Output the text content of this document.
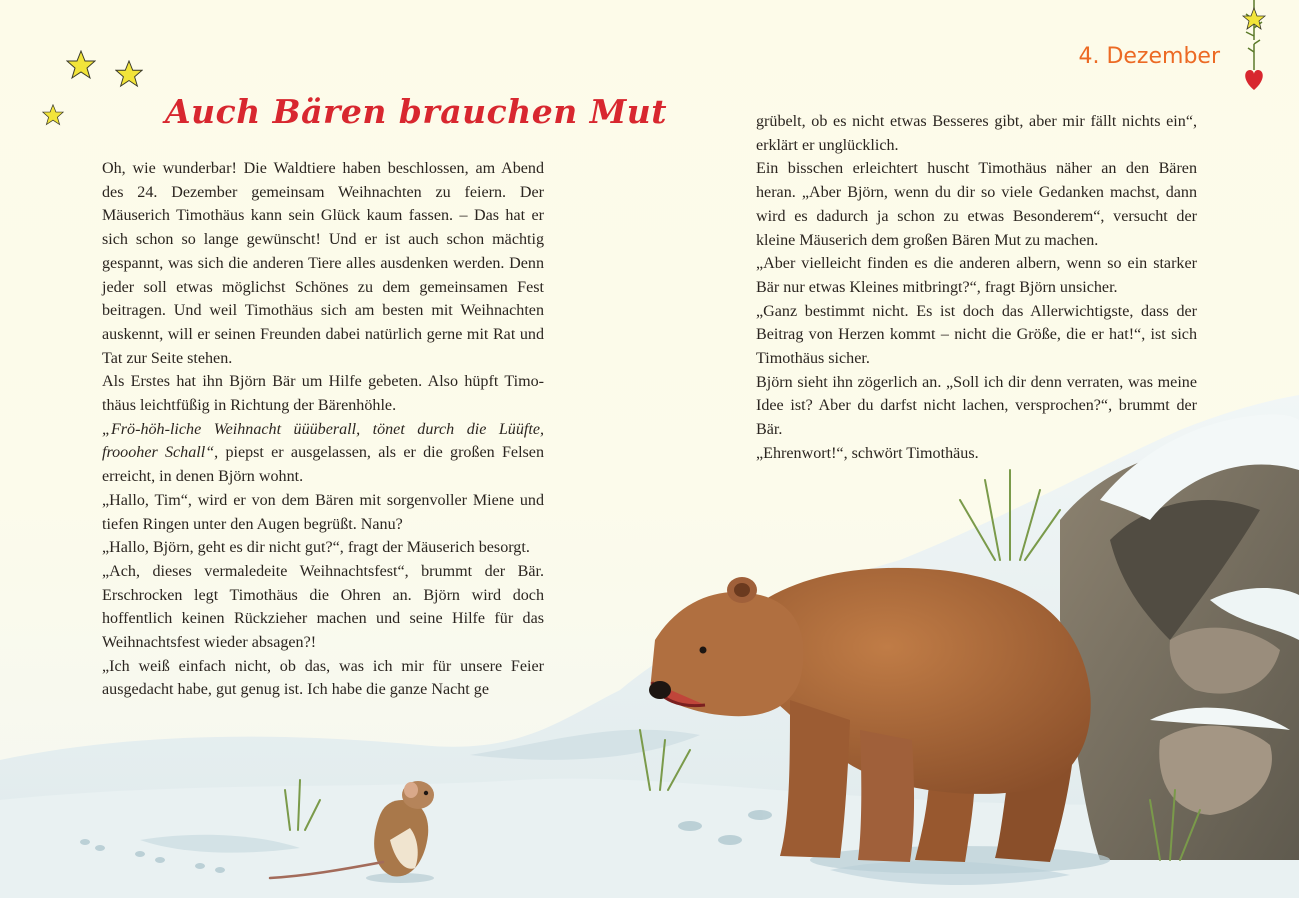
Auch Bären brauchen Mut
4. Dezember

Oh, wie wunderbar! Die Waldtiere haben beschlossen, am Abend des 24. Dezember gemeinsam Weihnachten zu feiern. Der Mäuserich Timothäus kann sein Glück kaum fassen. – Das hat er sich schon so lange gewünscht! Und er ist auch schon mächtig gespannt, was sich die anderen Tiere alles ausdenken werden. Denn jeder soll etwas möglichst Schönes zu dem gemeinsamen Fest beitragen. Und weil Timothäus sich am besten mit Weihnachten auskennt, will er seinen Freunden dabei natürlich gerne mit Rat und Tat zur Seite stehen.

Als Erstes hat ihn Björn Bär um Hilfe gebeten. Also hüpft Timothäus leichtfüßig in Richtung der Bärenhöhle.

„Frö-höh-liche Weihnacht üüüberall, tönet durch die Lüüfte, froooher Schall“, piepst er ausgelassen, als er die großen Felsen erreicht, in denen Björn wohnt.

„Hallo, Tim“, wird er von dem Bären mit sorgenvoller Miene und tiefen Ringen unter den Augen begrüßt. Nanu?

„Hallo, Björn, geht es dir nicht gut?“, fragt der Mäuserich besorgt.

„Ach, dieses vermaledeite Weihnachtsfest“, brummt der Bär. Erschrocken legt Timothäus die Ohren an. Björn wird doch hoffentlich keinen Rückzieher machen und seine Hilfe für das Weihnachtsfest wieder absagen?!

„Ich weiß einfach nicht, ob das, was ich mir für unsere Feier ausgedacht habe, gut genug ist. Ich habe die ganze Nacht ge

grübelt, ob es nicht etwas Besseres gibt, aber mir fällt nichts ein“, erklärt er unglücklich.

Ein bisschen erleichtert huscht Timothäus näher an den Bären heran. „Aber Björn, wenn du dir so viele Gedanken machst, dann wird es dadurch ja schon zu etwas Besonderem“, versucht der kleine Mäuserich dem großen Bären Mut zu machen.

„Aber vielleicht finden es die anderen albern, wenn so ein starker Bär nur etwas Kleines mitbringt?“, fragt Björn unsicher.

„Ganz bestimmt nicht. Es ist doch das Allerwichtigste, dass der Beitrag von Herzen kommt – nicht die Größe, die er hat!“, ist sich Timothäus sicher.

Björn sieht ihn zögerlich an. „Soll ich dir denn verraten, was meine Idee ist? Aber du darfst nicht lachen, versprochen?“, brummt der Bär.

„Ehrenwort!“, schwört Timothäus.
